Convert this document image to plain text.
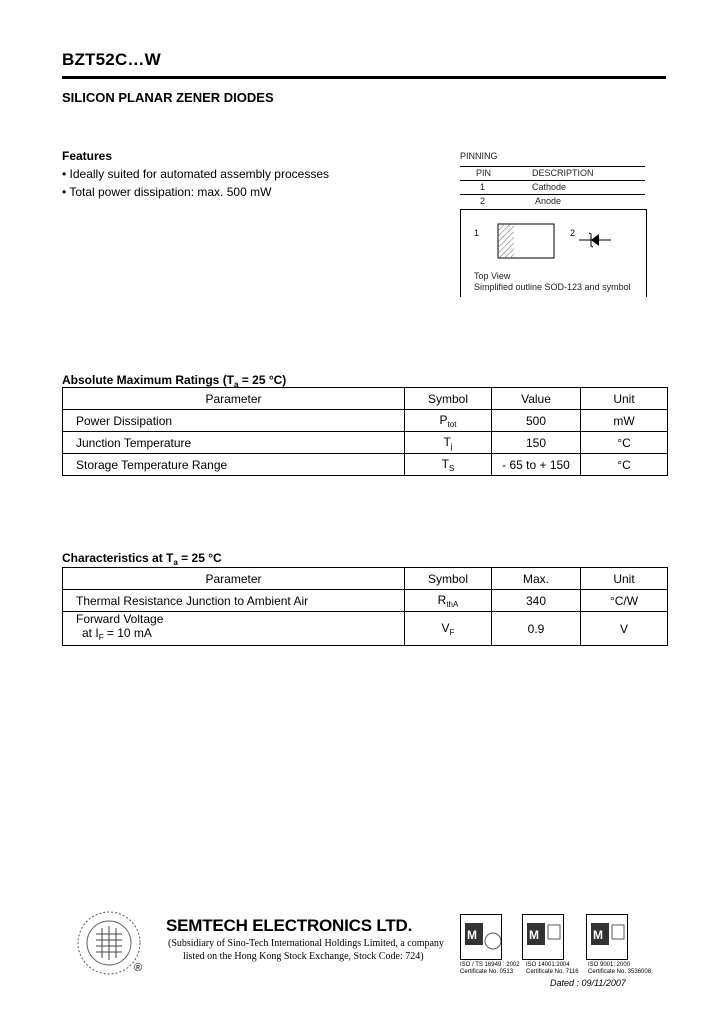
BZT52C…W
SILICON PLANAR ZENER DIODES
Features
• Ideally suited for automated assembly processes
• Total power dissipation: max. 500 mW
PINNING
PIN	DESCRIPTION
1	Cathode
2	Anode
1	2
Top View
Simplified outline SOD-123 and symbol
Absolute Maximum Ratings ($T_a = 25$ °C)
Parameter	Symbol	Value	Unit
Power Dissipation	$P_{tot}$	500	mW
Junction Temperature	$T_j$	150	°C
Storage Temperature Range	$T_S$	- 65 to + 150	°C
Characteristics at $T_a = 25$ °C
Parameter	Symbol	Max.	Unit
Thermal Resistance Junction to Ambient Air	$R_{thA}$	340	°C/W

Forward Voltage
at $I_F = 10$ mA	$V_F$	0.9	V
®
SEMTECH ELECTRONICS LTD.
(Subsidiary of Sino-Tech International Holdings Limited, a company
listed on the Hong Kong Stock Exchange, Stock Code: 724)
M	M	M
ISO / TS 16949 : 2002 ISO 14001:2004	ISO 9001: 2000
Certificate No. 0513 Certificate No. 7116 Certificate No. 3536008
Dated : 09/11/2007
